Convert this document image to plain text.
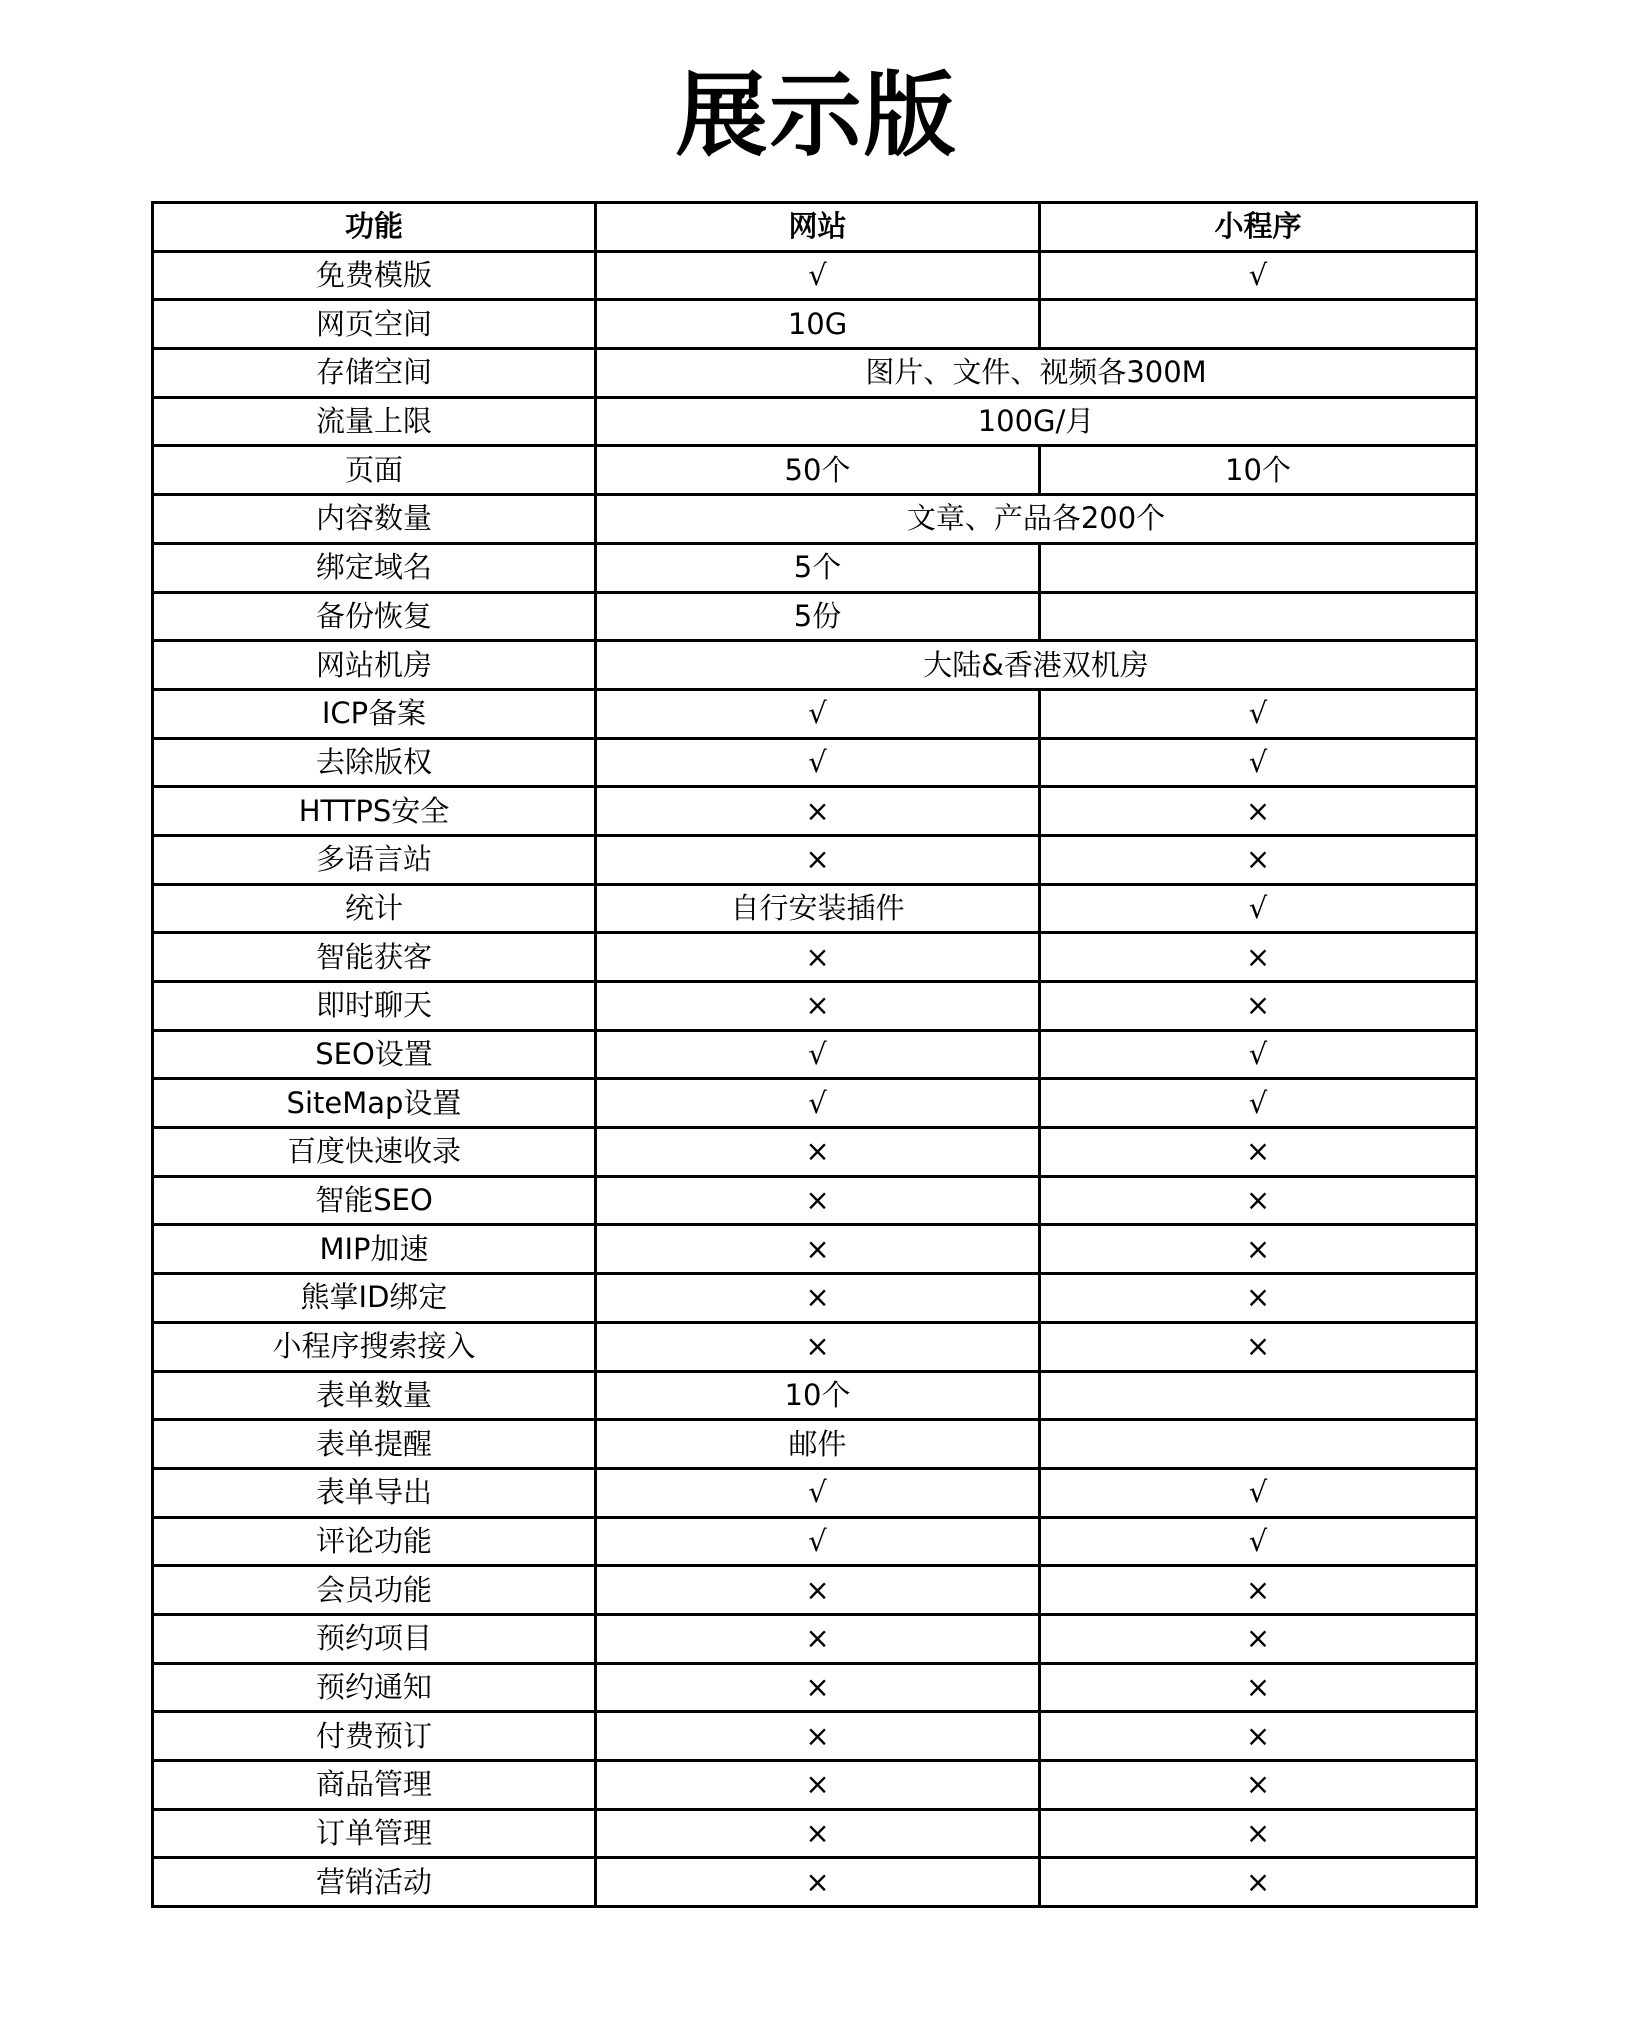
展示版
功能	网站	小程序
免费模版	√	√
网页空间	10G	
存储空间	图片、文件、视频各300M	
流量上限	100G/月	
页面	50个	10个
内容数量	文章、产品各200个	
绑定域名	5个	
备份恢复	5份	
网站机房	大陆&香港双机房	
ICP备案	√	√
去除版权	√	√
HTTPS安全	×	×
多语言站	×	×
统计	自行安装插件	√
智能获客	×	×
即时聊天	×	×
SEO设置	√	√
SiteMap设置	√	√
百度快速收录	×	×
智能SEO	×	×
MIP加速	×	×
熊掌ID绑定	×	×
小程序搜索接入	×	×
表单数量	10个	
表单提醒	邮件	
表单导出	√	√
评论功能	√	√
会员功能	×	×
预约项目	×	×
预约通知	×	×
付费预订	×	×
商品管理	×	×
订单管理	×	×
营销活动	×	×
